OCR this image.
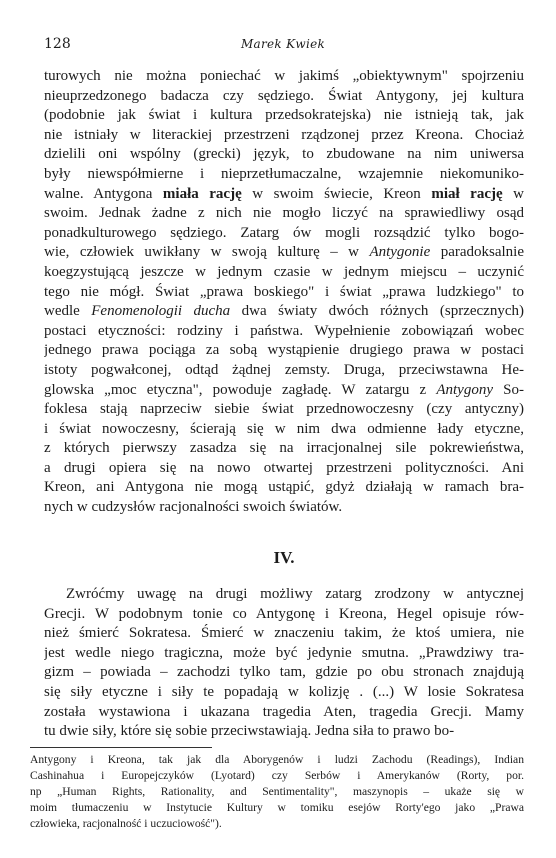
128	Marek Kwiek
turowych nie można poniechać w jakimś „obiektywnym" spojrzeniu
nieuprzedzonego badacza czy sędziego. Świat Antygony, jej kultura
(podobnie jak świat i kultura przedsokratejska) nie istnieją tak, jak
nie istniały w literackiej przestrzeni rządzonej przez Kreona. Chociaż
dzielili oni wspólny (grecki) język, to zbudowane na nim uniwersa
były niewspółmierne i nieprzetłumaczalne, wzajemnie niekomuniko-
walne. Antygona miała rację w swoim świecie, Kreon miał rację w
swoim. Jednak żadne z nich nie mogło liczyć na sprawiedliwy osąd
ponadkulturowego sędziego. Zatarg ów mogli rozsądzić tylko bogo-
wie, człowiek uwikłany w swoją kulturę – w Antygonie paradoksalnie
koegzystującą jeszcze w jednym czasie w jednym miejscu – uczynić
tego nie mógł. Świat „prawa boskiego" i świat „prawa ludzkiego" to
wedle Fenomenologii ducha dwa światy dwóch różnych (sprzecznych)
postaci etyczności: rodziny i państwa. Wypełnienie zobowiązań wobec
jednego prawa pociąga za sobą wystąpienie drugiego prawa w postaci
istoty pogwałconej, odtąd żądnej zemsty. Druga, przeciwstawna He-
glowska „moc etyczna", powoduje zagładę. W zatargu z Antygony So-
foklesa stają naprzeciw siebie świat przednowoczesny (czy antyczny)
i świat nowoczesny, ścierają się w nim dwa odmienne łady etyczne,
z których pierwszy zasadza się na irracjonalnej sile pokrewieństwa,
a drugi opiera się na nowo otwartej przestrzeni polityczności. Ani
Kreon, ani Antygona nie mogą ustąpić, gdyż działają w ramach bra-
nych w cudzysłów racjonalności swoich światów.
IV.
Zwróćmy uwagę na drugi możliwy zatarg zrodzony w antycznej
Grecji. W podobnym tonie co Antygonę i Kreona, Hegel opisuje rów-
nież śmierć Sokratesa. Śmierć w znaczeniu takim, że ktoś umiera, nie
jest wedle niego tragiczna, może być jedynie smutna. „Prawdziwy tra-
gizm – powiada – zachodzi tylko tam, gdzie po obu stronach znajdują
się siły etyczne i siły te popadają w kolizję . (...) W losie Sokratesa
została wystawiona i ukazana tragedia Aten, tragedia Grecji. Mamy
tu dwie siły, które się sobie przeciwstawiają. Jedna siła to prawo bo-
Antygony i Kreona, tak jak dla Aborygenów i ludzi Zachodu (Readings), Indian
Cashinahua i Europejczyków (Lyotard) czy Serbów i Amerykanów (Rorty, por.
np „Human Rights, Rationality, and Sentimentality", maszynopis – ukaże się w
moim tłumaczeniu w Instytucie Kultury w tomiku esejów Rorty'ego jako „Prawa
człowieka, racjonalność i uczuciowość").
